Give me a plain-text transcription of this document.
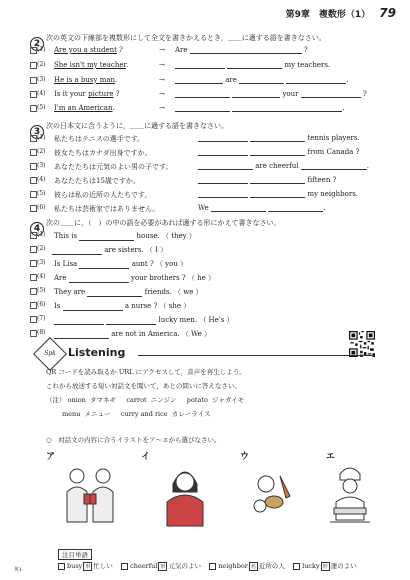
第9章　複数形（1） 79
2
次の英文の下線部を複数形にして全文を書きかえるとき，＿＿に適する語を書きなさい。
(1) Are you a student ?	→ Are	?
(2) She isn't my teacher.	→	my teachers.
(3) He is a busy man.	→	are	.
(4) Is it your picture ?	→	your	?
(5) I'm an American.	→	.
3
次の日本文に合うように，＿＿に適する語を書きなさい。
(1) 私たちはテニスの選手です。	tennis players.
(2) 彼女たちはカナダ出身ですか。	from Canada ?
(3) あなたたちは元気のよい男の子です。	are cheerful	.
(4) あなたたちは15歳ですか。	fifteen ?
(5) 彼らは私の近所の人たちです。	my neighbors.
(6) 私たちは芸術家ではありません。	We	.
4
次の＿＿に，（　）の中の語を必要があれば適する形にかえて書きなさい。
(1) This is	house. （ they ）
(2)	are sisters. （ I ）
(3) Is Lisa	aunt ? （ you ）
(4) Are	your brothers ? （ he ）
(5) They are	friends. （ we ）
(6) Is	a nurse ? （ she ）
(7)	lucky men. （ He's ）
(8)	are not in America. （ We ）
Spk	Listening
QR コードを読み取るか URL にアクセスして，音声を再生しよう。
これから放送する短い対話文を聞いて，あとの問いに答えなさい。
（注） onion タマネギ carrot ニンジン potato ジャガイモ
menu メニュー curry and rice カレーライス
○　対話文の内容に合うイラストをア〜エから選びなさい。
ア	イ	ウ	エ
注目単語
英1	busy 形 忙しい	cheerful 形 元気のよい	neighbor 名 近所の人	lucky 形 運のよい
